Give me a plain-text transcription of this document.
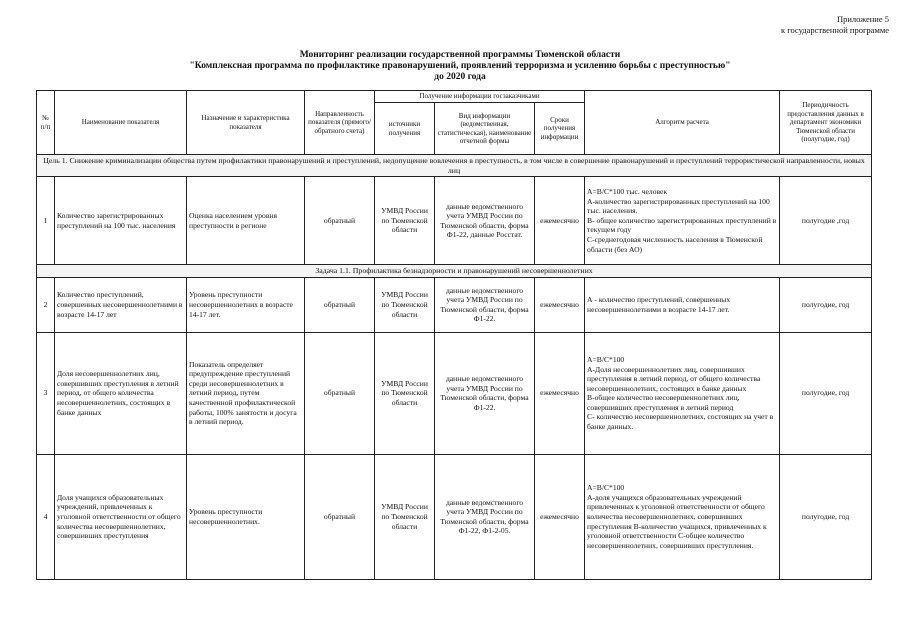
Приложение 5
к государственной программе
Мониторинг реализации государственной программы Тюменской области
"Комплексная программа по профилактике правонарушений, проявлений терроризма и усилению борьбы с преступностью"
до 2020 года
№ п/п	Наименование показателя	Назначение и характеристика показателя	Направленность показателя (прямого/обратного счета)	Получение информации госзаказчиками			Алгоритм расчета	Периодичность предоставления данных в департамент экономики Тюменской области (полугодие, год)
				источники получения	Вид информации (ведомственная, статистическая), наименование отчетной формы	Сроки получения информации		
Цель 1. Снижение криминализации общества путем профилактики правонарушений и преступлений, недопущение вовлечения в преступность, в том числе в совершение правонарушений и преступлений террористической направленности, новых лиц								
1	Количество зарегистрированных преступлений на 100 тыс. населения	Оценка населением уровня преступности в регионе	обратный	УМВД России по Тюменской области	данные ведомственного учета УМВД России по Тюменской области, форма Ф1-22, данные Росстат.	ежемесячно	А=В/С*100 тыс. человек
А-количество зарегистрированных преступлений на 100 тыс. населения.
В- общее количество зарегистрированных преступлений в текущем году
С-среднегодовая численность населения в Тюменской области (без АО)	полугодие ,год
Задача 1.1. Профилактика безнадзорности и правонарушений несовершеннолетних								
2	Количество преступлений, совершенных несовершеннолетними в возрасте 14-17 лет	Уровень преступности несовершеннолетних в возрасте 14-17 лет.	обратный	УМВД России по Тюменской области	данные ведомственного учета УМВД России по Тюменской области, форма Ф1-22.	ежемесячно	А - количество преступлений, совершенных несовершеннолетними в возрасте 14-17 лет.	полугодие, год
3	Доля несовершеннолетних лиц, совершивших преступления в летний период, от общего количества несовершеннолетних, состоящих в банке данных	Показатель определяет предупреждение преступлений среди несовершеннолетних в летний период, путем качественной профилактической работы, 100% занятости и досуга в летний период.	обратный	УМВД России по Тюменской области	данные ведомственного учета УМВД России по Тюменской области, форма Ф1-22.	ежемесячно	А=В/С*100
А-Доля несовершеннолетних лиц, совершивших преступления в летний период, от общего количества несовершеннолетних, состоящих в банке данных
В-общее количество несовершеннолетних лиц, совершивших преступления в летний период
С- количество несовершеннолетних, состоящих на учет в банке данных.	полугодие, год
4	Доля учащихся образовательных учреждений, привлеченных к уголовной ответственности от общего количества несовершеннолетних, совершивших преступления	Уровень преступности несовершеннолетних.	обратный	УМВД России по Тюменской области	данные ведомственного учета УМВД России по Тюменской области, форма Ф1-22, Ф1-2-05.	ежемесячно	А=В/С*100
А-доля учащихся образовательных учреждений привлеченных к уголовной ответственности от общего количества несовершеннолетних, совершивших преступления В-количество учащихся, привлеченных к уголовной ответственности С-общее количество несовершеннолетних, совершивших преступления.	полугодие, год
